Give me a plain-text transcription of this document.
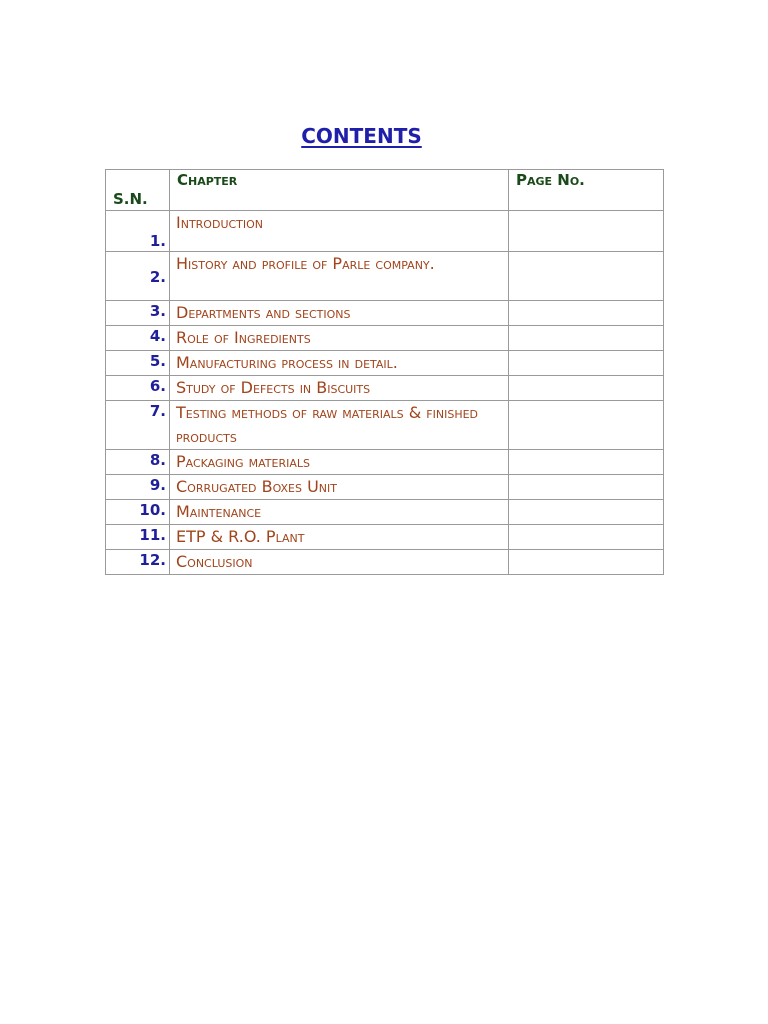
CONTENTS
S.N.	Chapter	Page No.
1.	Introduction	
2.	History and profile of Parle company.	
3.	Departments and sections	
4.	Role of Ingredients	
5.	Manufacturing process in detail.	
6.	Study of Defects in Biscuits	
7.	Testing methods of raw materials & finished products	
8.	Packaging materials	
9.	Corrugated Boxes Unit	
10.	Maintenance	
11.	ETP & R.O. Plant	
12.	Conclusion	
